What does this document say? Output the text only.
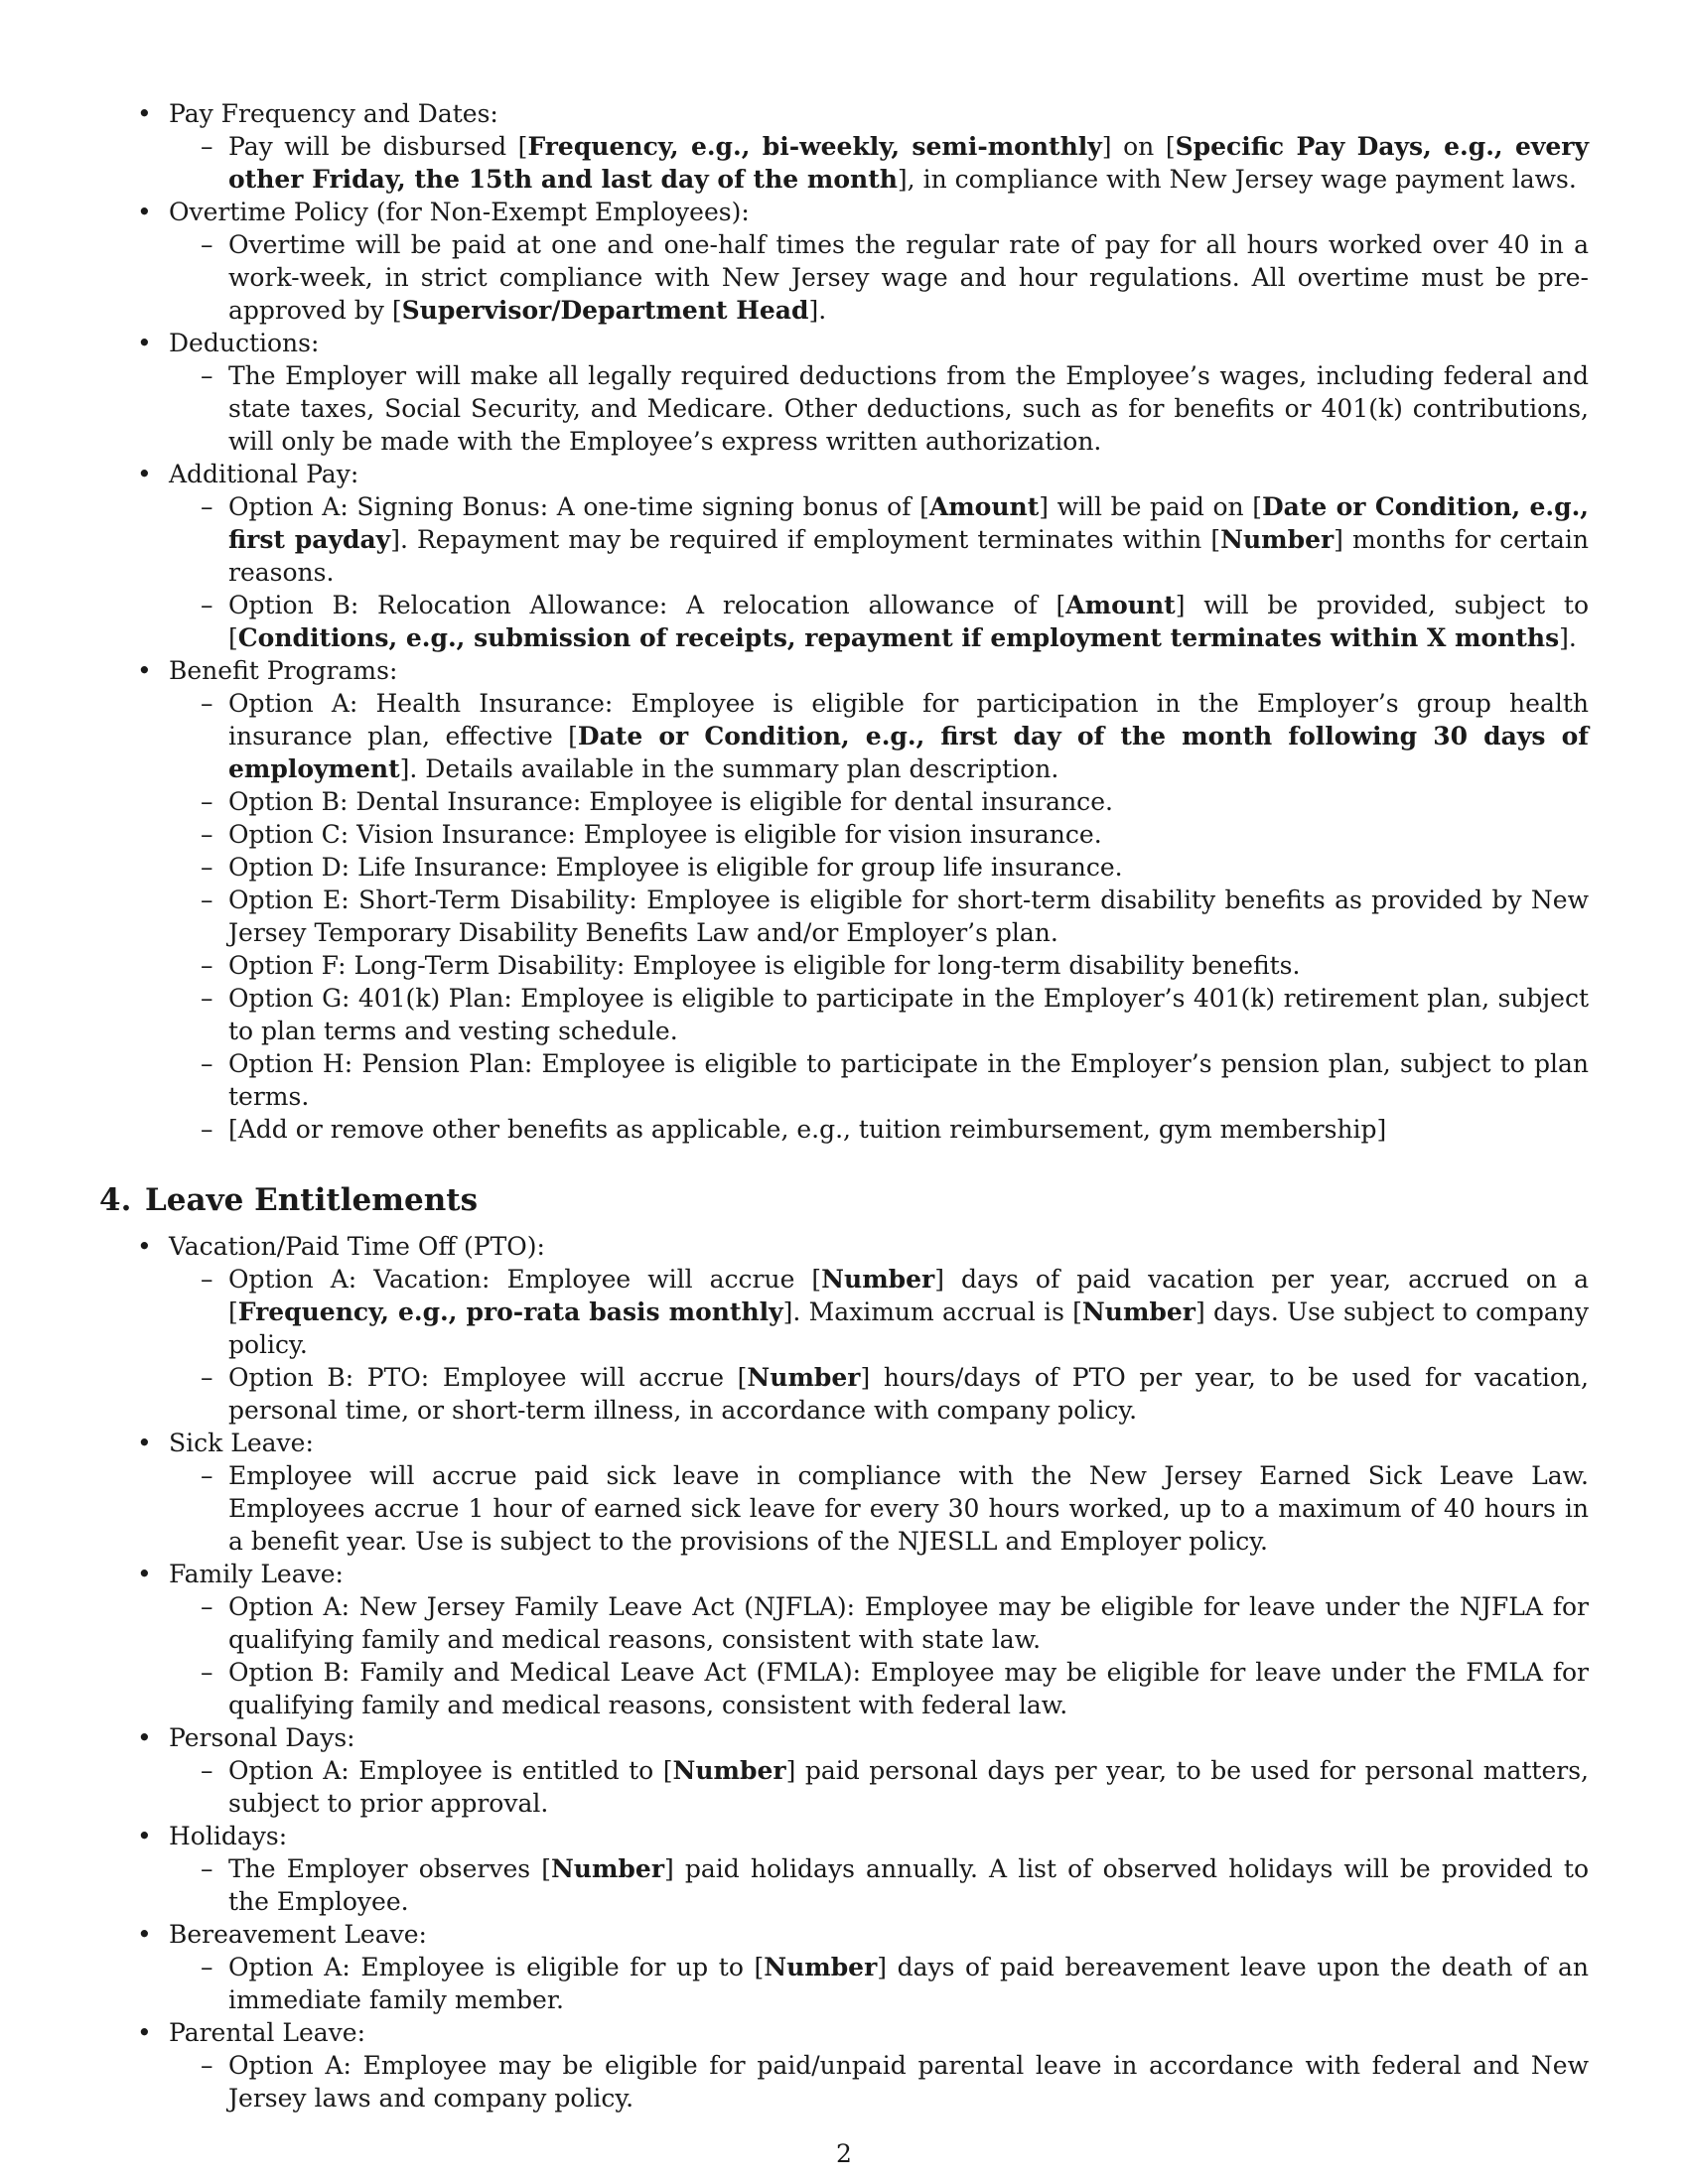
• Pay Frequency and Dates:
– Pay will be disbursed [Frequency, e.g., bi-weekly, semi-monthly] on [Specific Pay Days, e.g., every other Friday, the 15th and last day of the month], in compliance with New Jersey wage payment laws.
• Overtime Policy (for Non-Exempt Employees):
– Overtime will be paid at one and one-half times the regular rate of pay for all hours worked over 40 in a work-week, in strict compliance with New Jersey wage and hour regulations. All overtime must be pre-approved by [Supervisor/Department Head].
• Deductions:
– The Employer will make all legally required deductions from the Employee’s wages, including federal and state taxes, Social Security, and Medicare. Other deductions, such as for benefits or 401(k) contributions, will only be made with the Employee’s express written authorization.
• Additional Pay:
– Option A: Signing Bonus: A one-time signing bonus of [Amount] will be paid on [Date or Condition, e.g., first payday]. Repayment may be required if employment terminates within [Number] months for certain reasons.
– Option B: Relocation Allowance: A relocation allowance of [Amount] will be provided, subject to [Conditions, e.g., submission of receipts, repayment if employment terminates within X months].
• Benefit Programs:
– Option A: Health Insurance: Employee is eligible for participation in the Employer’s group health insurance plan, effective [Date or Condition, e.g., first day of the month following 30 days of employment]. Details available in the summary plan description.
– Option B: Dental Insurance: Employee is eligible for dental insurance.
– Option C: Vision Insurance: Employee is eligible for vision insurance.
– Option D: Life Insurance: Employee is eligible for group life insurance.
– Option E: Short-Term Disability: Employee is eligible for short-term disability benefits as provided by New Jersey Temporary Disability Benefits Law and/or Employer’s plan.
– Option F: Long-Term Disability: Employee is eligible for long-term disability benefits.
– Option G: 401(k) Plan: Employee is eligible to participate in the Employer’s 401(k) retirement plan, subject to plan terms and vesting schedule.
– Option H: Pension Plan: Employee is eligible to participate in the Employer’s pension plan, subject to plan terms.
– [Add or remove other benefits as applicable, e.g., tuition reimbursement, gym membership]
4. Leave Entitlements
• Vacation/Paid Time Off (PTO):
– Option A: Vacation: Employee will accrue [Number] days of paid vacation per year, accrued on a [Frequency, e.g., pro-rata basis monthly]. Maximum accrual is [Number] days. Use subject to company policy.
– Option B: PTO: Employee will accrue [Number] hours/days of PTO per year, to be used for vacation, personal time, or short-term illness, in accordance with company policy.
• Sick Leave:
– Employee will accrue paid sick leave in compliance with the New Jersey Earned Sick Leave Law. Employees accrue 1 hour of earned sick leave for every 30 hours worked, up to a maximum of 40 hours in a benefit year. Use is subject to the provisions of the NJESLL and Employer policy.
• Family Leave:
– Option A: New Jersey Family Leave Act (NJFLA): Employee may be eligible for leave under the NJFLA for qualifying family and medical reasons, consistent with state law.
– Option B: Family and Medical Leave Act (FMLA): Employee may be eligible for leave under the FMLA for qualifying family and medical reasons, consistent with federal law.
• Personal Days:
– Option A: Employee is entitled to [Number] paid personal days per year, to be used for personal matters, subject to prior approval.
• Holidays:
– The Employer observes [Number] paid holidays annually. A list of observed holidays will be provided to the Employee.
• Bereavement Leave:
– Option A: Employee is eligible for up to [Number] days of paid bereavement leave upon the death of an immediate family member.
• Parental Leave:
– Option A: Employee may be eligible for paid/unpaid parental leave in accordance with federal and New Jersey laws and company policy.
2
